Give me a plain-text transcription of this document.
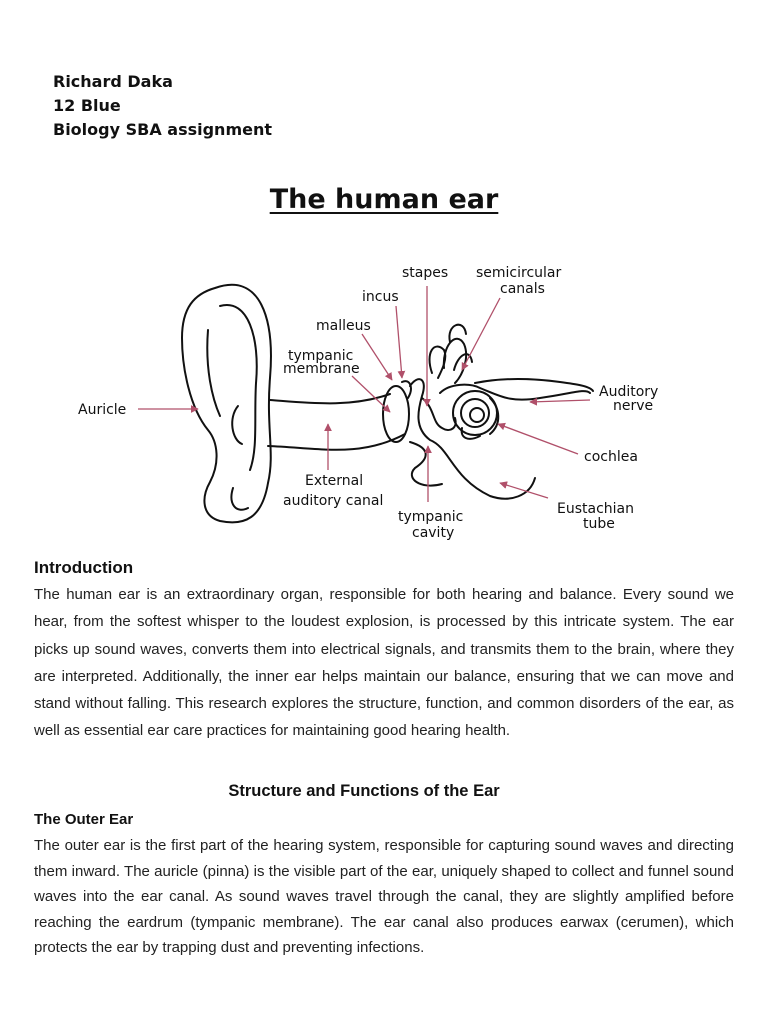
Richard Daka
12 Blue
Biology SBA assignment
The human ear
stapes semicircular
canals
incus
malleus
tympanic
membrane
Auricle
Auditory
nerve
cochlea
External
auditory canal
tympanic
cavity
Eustachian
tube
Introduction
The human ear is an extraordinary organ, responsible for both hearing and balance. Every sound we hear, from the softest whisper to the loudest explosion, is processed by this intricate system. The ear picks up sound waves, converts them into electrical signals, and transmits them to the brain, where they are interpreted. Additionally, the inner ear helps maintain our balance, ensuring that we can move and stand without falling. This research explores the structure, function, and common disorders of the ear, as well as essential ear care practices for maintaining good hearing health.
Structure and Functions of the Ear
The Outer Ear
The outer ear is the first part of the hearing system, responsible for capturing sound waves and directing them inward. The auricle (pinna) is the visible part of the ear, uniquely shaped to collect and funnel sound waves into the ear canal. As sound waves travel through the canal, they are slightly amplified before reaching the eardrum (tympanic membrane). The ear canal also produces earwax (cerumen), which protects the ear by trapping dust and preventing infections.
